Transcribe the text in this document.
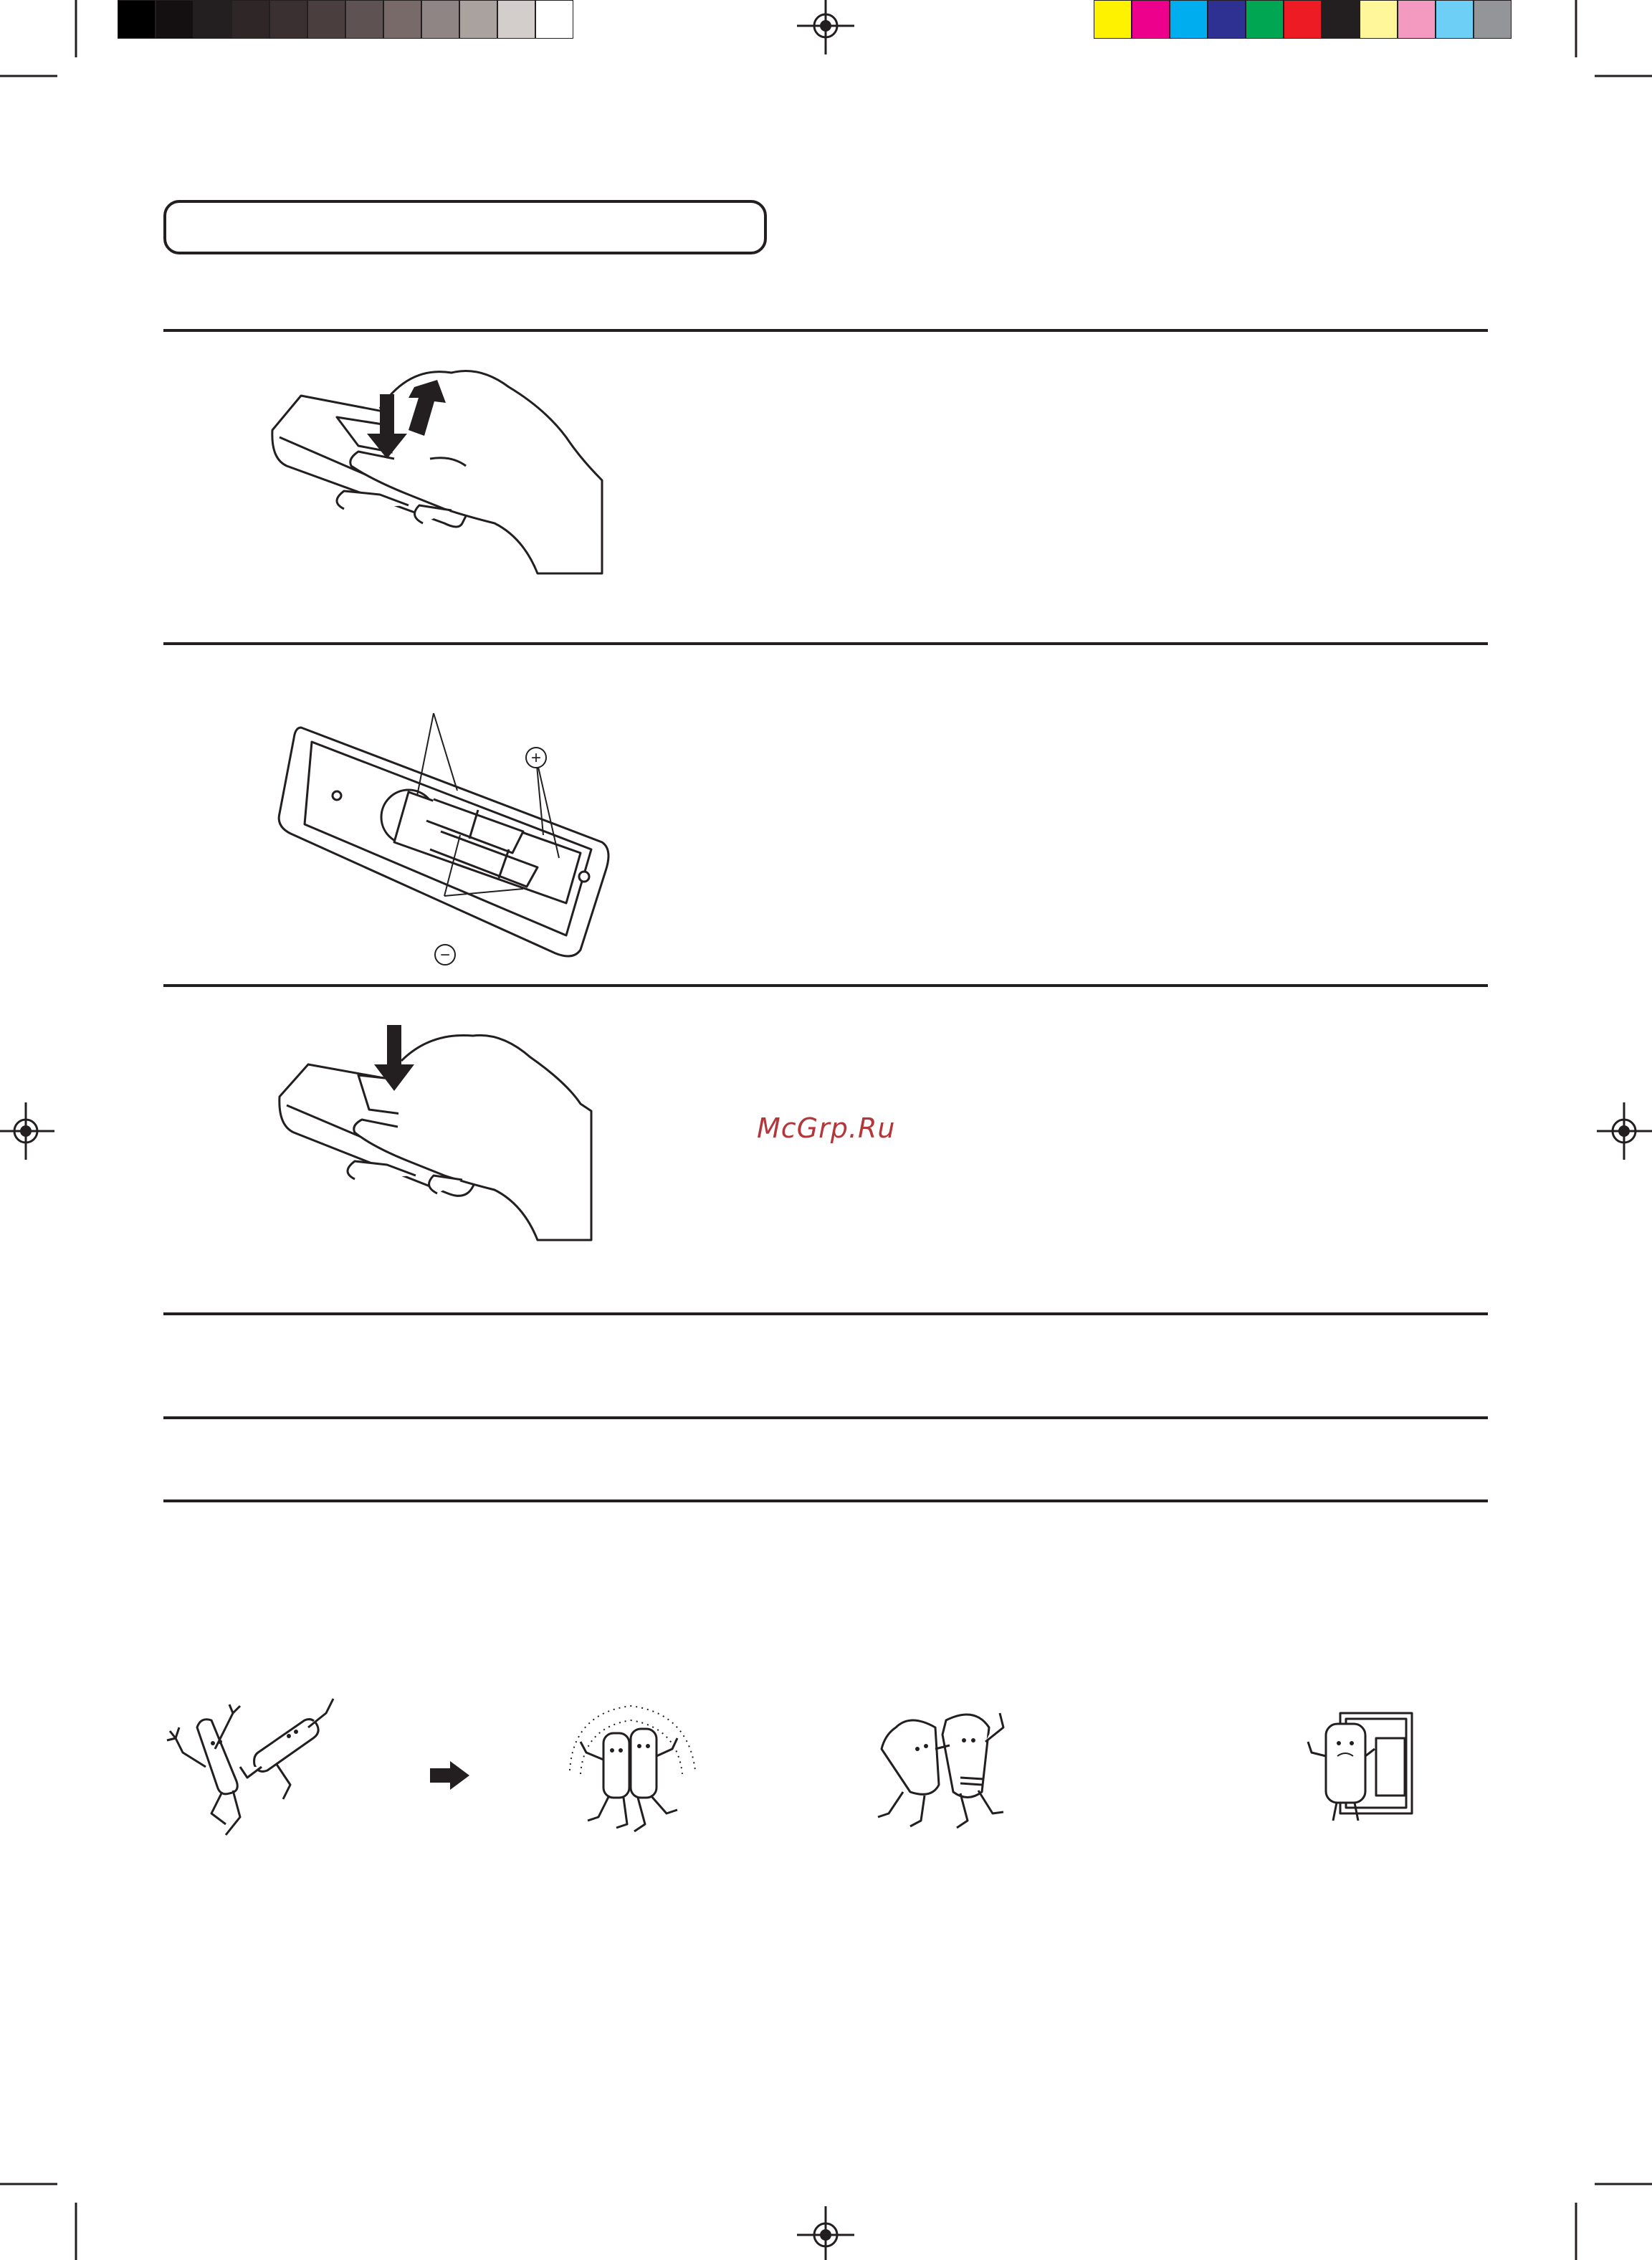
+
−
McGrp.Ru
